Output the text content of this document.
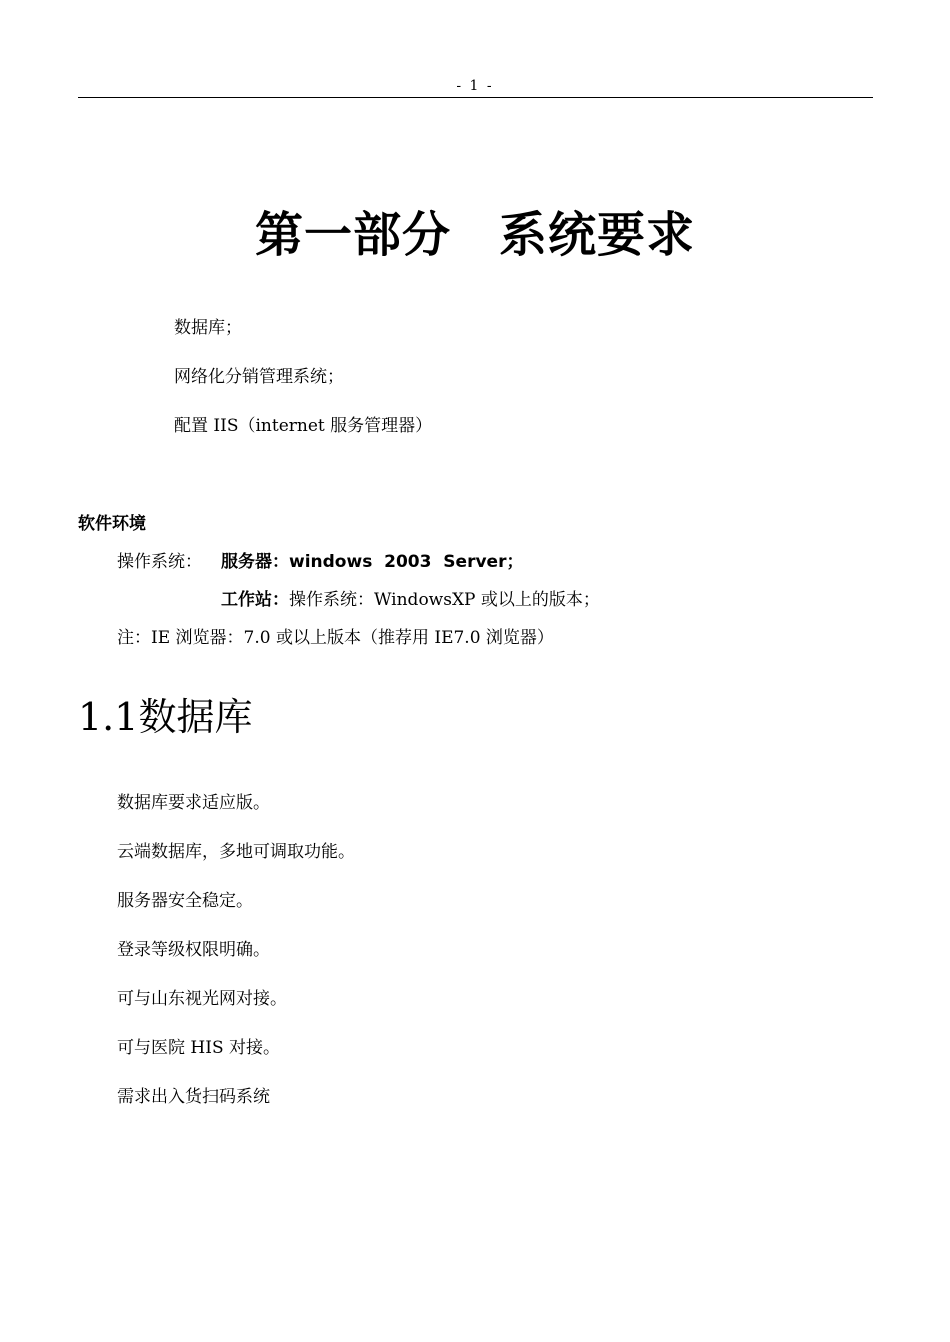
- 1 -
第一部分 系统要求
数据库；
网络化分销管理系统；
配置 IIS（internet 服务管理器）
软件环境
操作系统： 服务器：windows  2003  Server；
工作站：操作系统：WindowsXP 或以上的版本；
注：IE 浏览器：7.0 或以上版本（推荐用 IE7.0 浏览器）
1.1数据库
数据库要求适应版。
云端数据库，多地可调取功能。
服务器安全稳定。
登录等级权限明确。
可与山东视光网对接。
可与医院 HIS 对接。
需求出入货扫码系统
